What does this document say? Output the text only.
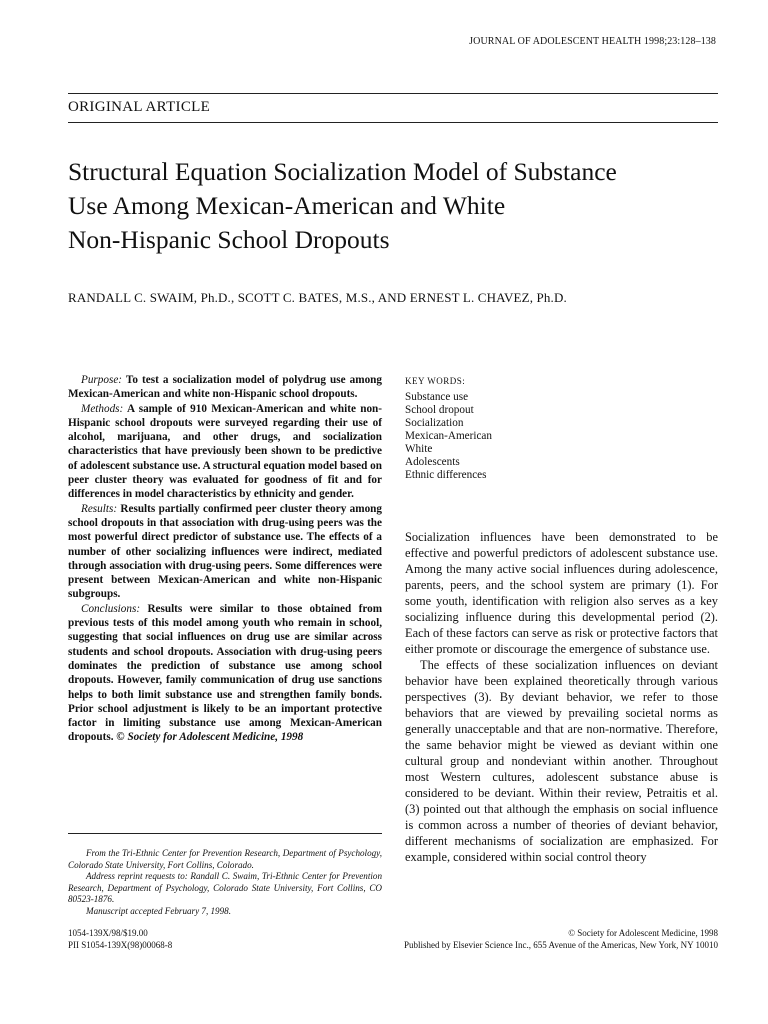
JOURNAL OF ADOLESCENT HEALTH 1998;23:128–138
ORIGINAL ARTICLE
Structural Equation Socialization Model of Substance
Use Among Mexican-American and White
Non-Hispanic School Dropouts
RANDALL C. SWAIM, Ph.D., SCOTT C. BATES, M.S., AND ERNEST L. CHAVEZ, Ph.D.

Purpose: To test a socialization model of polydrug use among Mexican-American and white non-Hispanic school dropouts.

Methods: A sample of 910 Mexican-American and white non-Hispanic school dropouts were surveyed regarding their use of alcohol, marijuana, and other drugs, and socialization characteristics that have previously been shown to be predictive of adolescent substance use. A structural equation model based on peer cluster theory was evaluated for goodness of fit and for differences in model characteristics by ethnicity and gender.

Results: Results partially confirmed peer cluster theory among school dropouts in that association with drug-using peers was the most powerful direct predictor of substance use. The effects of a number of other socializing influences were indirect, mediated through association with drug-using peers. Some differences were present between Mexican-American and white non-Hispanic subgroups.

Conclusions: Results were similar to those obtained from previous tests of this model among youth who remain in school, suggesting that social influences on drug use are similar across students and school dropouts. Association with drug-using peers dominates the prediction of substance use among school dropouts. However, family communication of drug use sanctions helps to both limit substance use and strengthen family bonds. Prior school adjustment is likely to be an important protective factor in limiting substance use among Mexican-American dropouts. © Society for Adolescent Medicine, 1998

KEY WORDS:
Substance use
School dropout
Socialization
Mexican-American
White
Adolescents
Ethnic differences

Socialization influences have been demonstrated to be effective and powerful predictors of adolescent substance use. Among the many active social influences during adolescence, parents, peers, and the school system are primary (1). For some youth, identification with religion also serves as a key socializing influence during this developmental period (2). Each of these factors can serve as risk or protective factors that either promote or discourage the emergence of substance use.

The effects of these socialization influences on deviant behavior have been explained theoretically through various perspectives (3). By deviant behavior, we refer to those behaviors that are viewed by prevailing societal norms as generally unacceptable and that are non-normative. Therefore, the same behavior might be viewed as deviant within one cultural group and nondeviant within another. Throughout most Western cultures, adolescent substance abuse is considered to be deviant. Within their review, Petraitis et al. (3) pointed out that although the emphasis on social influence is common across a number of theories of deviant behavior, different mechanisms of socialization are emphasized. For example, considered within social control theory

From the Tri-Ethnic Center for Prevention Research, Department of Psychology, Colorado State University, Fort Collins, Colorado.

Address reprint requests to: Randall C. Swaim, Tri-Ethnic Center for Prevention Research, Department of Psychology, Colorado State University, Fort Collins, CO 80523-1876.

Manuscript accepted February 7, 1998.

1054-139X/98/$19.00
PII S1054-139X(98)00068-8
© Society for Adolescent Medicine, 1998
Published by Elsevier Science Inc., 655 Avenue of the Americas, New York, NY 10010
